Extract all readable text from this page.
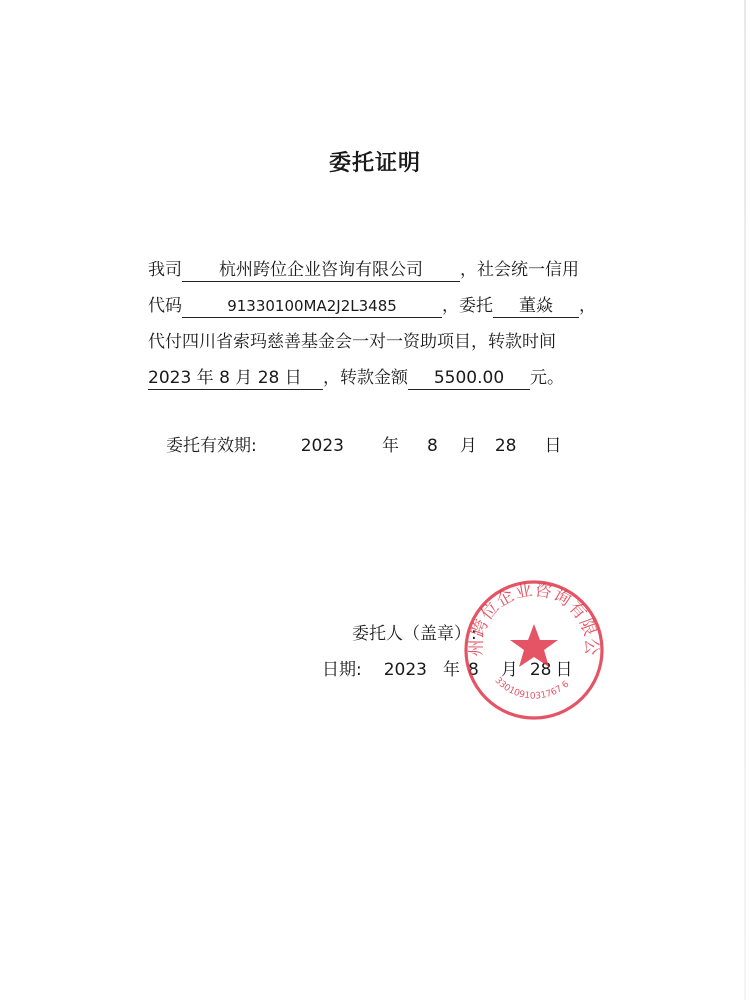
委托证明
我司 杭州跨位企业咨询有限公司 ，社会统一信用
代码	91330100MA2J2L3485	，委托 董焱 ，
代付四川省索玛慈善基金会一对一资助项目，转款时间
2023 年 8 月 28 日 ，转款金额 5500.00 元。
委托有效期:	2023 年 8 月 28 日
委托人（盖章）:
日期: 2023 年 8 月 28 日
州跨位企业咨询有限公
3301091031767 6
